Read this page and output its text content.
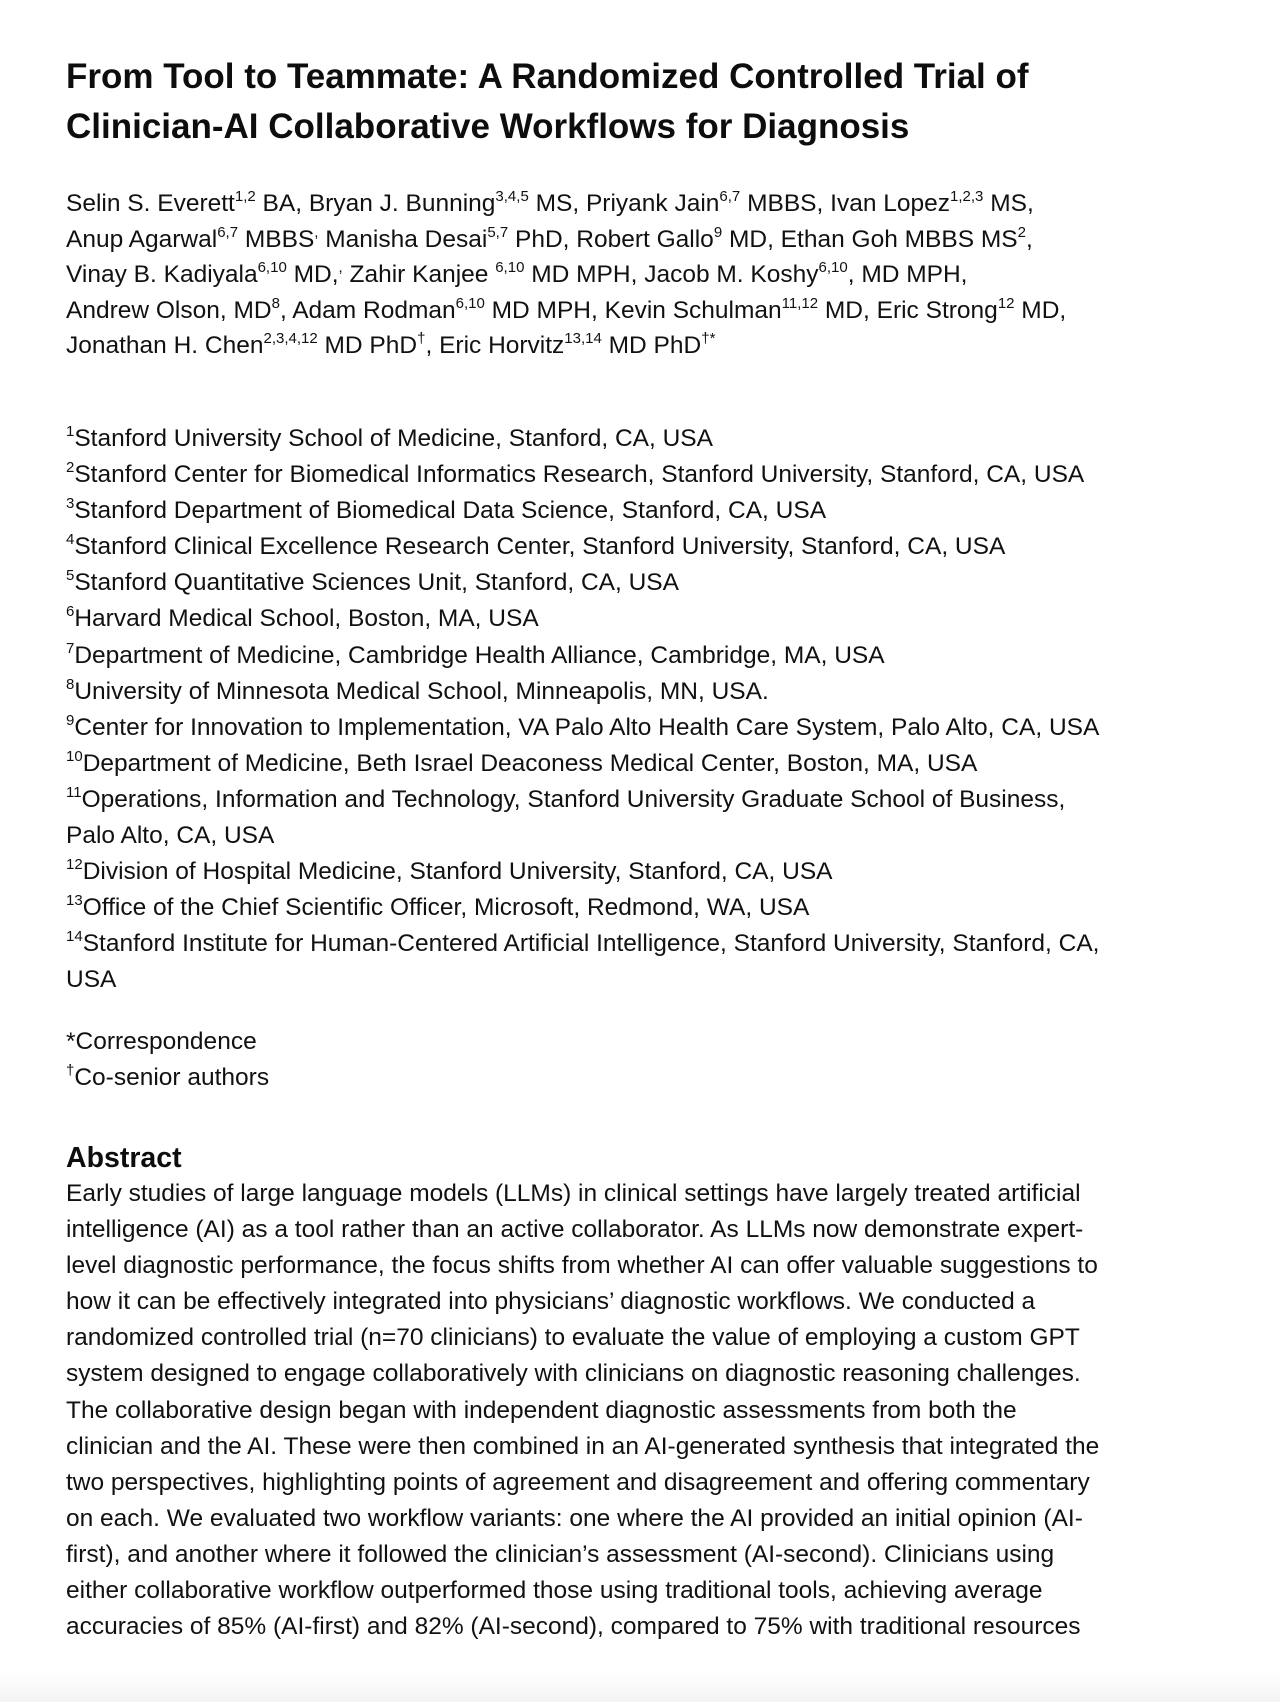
From Tool to Teammate: A Randomized Controlled Trial of
Clinician-AI Collaborative Workflows for Diagnosis
Selin S. Everett$^{1,2}$ BA, Bryan J. Bunning$^{3,4,5}$ MS, Priyank Jain$^{6,7}$ MBBS, Ivan Lopez$^{1,2,3}$ MS,
Anup Agarwal$^{6,7}$ MBBS, Manisha Desai$^{5,7}$ PhD, Robert Gallo$^9$ MD, Ethan Goh MBBS $MS^2$,
Vinay B. Kadiyala$^{6,10}$ MD,, Zahir Kanjee $^{6,10}$ MD MPH, Jacob M. Koshy$^{6,10}$, MD MPH,
Andrew Olson, $MD^8$, Adam Rodman$^{6,10}$ MD MPH, Kevin Schulman$^{11,12}$ MD, Eric Strong$^{12}$ MD,
Jonathan H. Chen$^{2,3,4,12}$ MD PhD†, Eric Horvitz$^{13,14}$ MD PhD†*
$^1$Stanford University School of Medicine, Stanford, CA, USA
$^2$Stanford Center for Biomedical Informatics Research, Stanford University, Stanford, CA, USA
$^3$Stanford Department of Biomedical Data Science, Stanford, CA, USA
$^4$Stanford Clinical Excellence Research Center, Stanford University, Stanford, CA, USA
$^5$Stanford Quantitative Sciences Unit, Stanford, CA, USA
$^6$Harvard Medical School, Boston, MA, USA
$^7$Department of Medicine, Cambridge Health Alliance, Cambridge, MA, USA
$^8$University of Minnesota Medical School, Minneapolis, MN, USA.
$^9$Center for Innovation to Implementation, VA Palo Alto Health Care System, Palo Alto, CA, USA
$^{10}$Department of Medicine, Beth Israel Deaconess Medical Center, Boston, MA, USA
$^{11}$Operations, Information and Technology, Stanford University Graduate School of Business,
Palo Alto, CA, USA
$^{12}$Division of Hospital Medicine, Stanford University, Stanford, CA, USA
$^{13}$Office of the Chief Scientific Officer, Microsoft, Redmond, WA, USA
$^{14}$Stanford Institute for Human-Centered Artificial Intelligence, Stanford University, Stanford, CA,
USA
*Correspondence
†Co-senior authors
Abstract
Early studies of large language models (LLMs) in clinical settings have largely treated artificial
intelligence (AI) as a tool rather than an active collaborator. As LLMs now demonstrate expert-
level diagnostic performance, the focus shifts from whether AI can offer valuable suggestions to
how it can be effectively integrated into physicians’ diagnostic workflows. We conducted a
randomized controlled trial (n=70 clinicians) to evaluate the value of employing a custom GPT
system designed to engage collaboratively with clinicians on diagnostic reasoning challenges.
The collaborative design began with independent diagnostic assessments from both the
clinician and the AI. These were then combined in an AI-generated synthesis that integrated the
two perspectives, highlighting points of agreement and disagreement and offering commentary
on each. We evaluated two workflow variants: one where the AI provided an initial opinion (AI-
first), and another where it followed the clinician’s assessment (AI-second). Clinicians using
either collaborative workflow outperformed those using traditional tools, achieving average
accuracies of 85% (AI-first) and 82% (AI-second), compared to 75% with traditional resources
